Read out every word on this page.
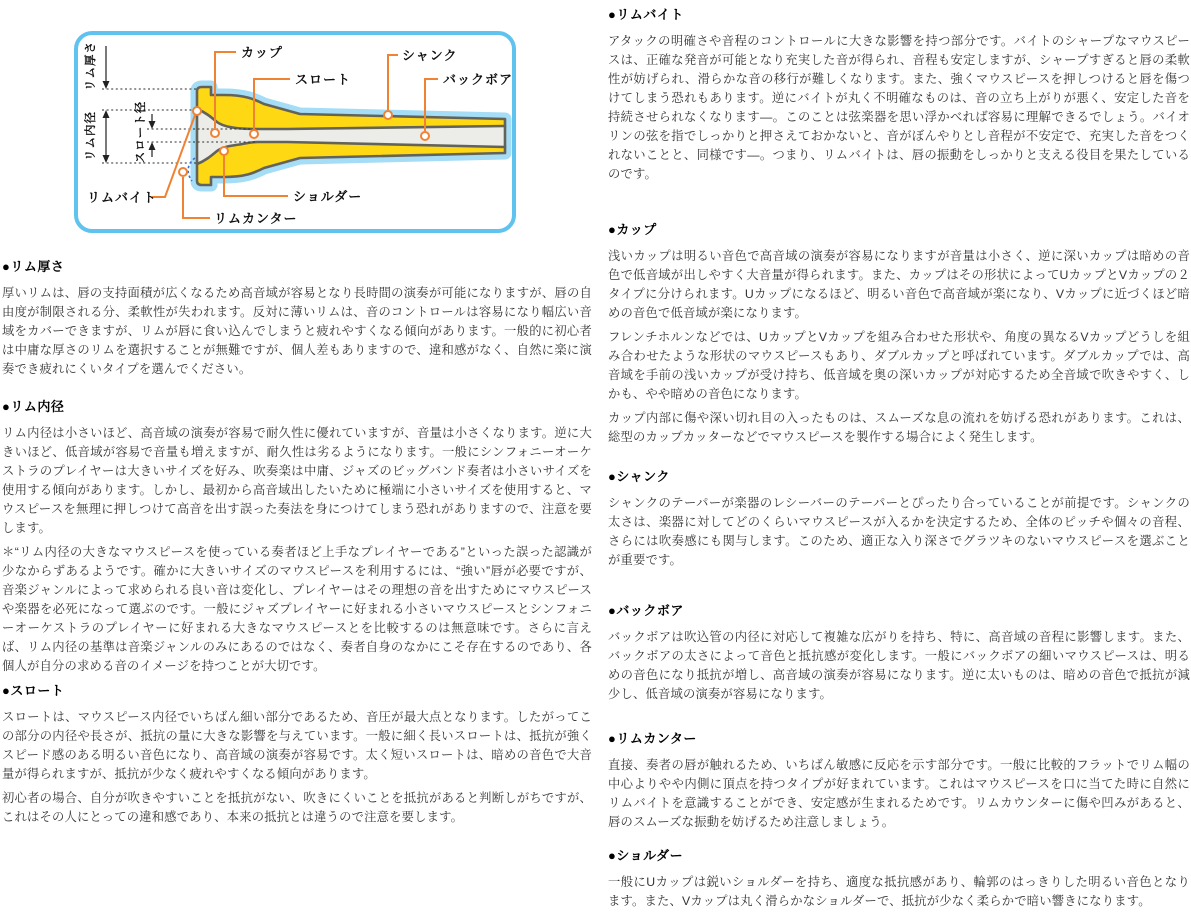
リム厚さ
リム内径	スロート径
カップ
スロート
シャンク
バックボア
リムバイト
リムカンター
ショルダー
●リム厚さ

厚いリムは、唇の支持面積が広くなるため高音域が容易となり長時間の演奏が可能になりますが、唇の自由度が制限される分、柔軟性が失われます。反対に薄いリムは、音のコントロールは容易になり幅広い音域をカバーできますが、リムが唇に食い込んでしまうと疲れやすくなる傾向があります。一般的に初心者は中庸な厚さのリムを選択することが無難ですが、個人差もありますので、違和感がなく、自然に楽に演奏でき疲れにくいタイプを選んでください。

●リム内径

リム内径は小さいほど、高音域の演奏が容易で耐久性に優れていますが、音量は小さくなります。逆に大きいほど、低音域が容易で音量も増えますが、耐久性は劣るようになります。一般にシンフォニーオーケストラのプレイヤーは大きいサイズを好み、吹奏楽は中庸、ジャズのビッグバンド奏者は小さいサイズを使用する傾向があります。しかし、最初から高音域出したいために極端に小さいサイズを使用すると、マウスピースを無理に押しつけて高音を出す誤った奏法を身につけてしまう恐れがありますので、注意を要します。

＊“リム内径の大きなマウスピースを使っている奏者ほど上手なプレイヤーである”といった誤った認識が少なからずあるようです。確かに大きいサイズのマウスピースを利用するには、“強い”唇が必要ですが、音楽ジャンルによって求められる良い音は変化し、プレイヤーはその理想の音を出すためにマウスピースや楽器を必死になって選ぶのです。一般にジャズプレイヤーに好まれる小さいマウスピースとシンフォニーオーケストラのプレイヤーに好まれる大きなマウスピースとを比較するのは無意味です。さらに言えば、リム内径の基準は音楽ジャンルのみにあるのではなく、奏者自身のなかにこそ存在するのであり、各個人が自分の求める音のイメージを持つことが大切です。

●スロート

スロートは、マウスピース内径でいちばん細い部分であるため、音圧が最大点となります。したがってこの部分の内径や長さが、抵抗の量に大きな影響を与えています。一般に細く長いスロートは、抵抗が強くスピード感のある明るい音色になり、高音域の演奏が容易です。太く短いスロートは、暗めの音色で大音量が得られますが、抵抗が少なく疲れやすくなる傾向があります。

初心者の場合、自分が吹きやすいことを抵抗がない、吹きにくいことを抵抗があると判断しがちですが、これはその人にとっての違和感であり、本来の抵抗とは違うので注意を要します。

●リムバイト

アタックの明確さや音程のコントロールに大きな影響を持つ部分です。バイトのシャープなマウスピースは、正確な発音が可能となり充実した音が得られ、音程も安定しますが、シャープすぎると唇の柔軟性が妨げられ、滑らかな音の移行が難しくなります。また、強くマウスピースを押しつけると唇を傷つけてしまう恐れもあります。逆にバイトが丸く不明確なものは、音の立ち上がりが悪く、安定した音を持続させられなくなります―。このことは弦楽器を思い浮かべれば容易に理解できるでしょう。バイオリンの弦を指でしっかりと押さえておかないと、音がぼんやりとし音程が不安定で、充実した音をつくれないことと、同様です―。つまり、リムバイトは、唇の振動をしっかりと支える役目を果たしているのです。

●カップ

浅いカップは明るい音色で高音域の演奏が容易になりますが音量は小さく、逆に深いカップは暗めの音色で低音域が出しやすく大音量が得られます。また、カップはその形状によってUカップとVカップの２タイプに分けられます。Uカップになるほど、明るい音色で高音域が楽になり、Vカップに近づくほど暗めの音色で低音域が楽になります。

フレンチホルンなどでは、UカップとVカップを組み合わせた形状や、角度の異なるVカップどうしを組み合わせたような形状のマウスピースもあり、ダブルカップと呼ばれています。ダブルカップでは、高音域を手前の浅いカップが受け持ち、低音域を奥の深いカップが対応するため全音域で吹きやすく、しかも、やや暗めの音色になります。

カップ内部に傷や深い切れ目の入ったものは、スムーズな息の流れを妨げる恐れがあります。これは、総型のカップカッターなどでマウスピースを製作する場合によく発生します。

●シャンク

シャンクのテーパーが楽器のレシーバーのテーパーとぴったり合っていることが前提です。シャンクの太さは、楽器に対してどのくらいマウスピースが入るかを決定するため、全体のピッチや個々の音程、さらには吹奏感にも関与します。このため、適正な入り深さでグラツキのないマウスピースを選ぶことが重要です。

●バックボア

バックボアは吹込管の内径に対応して複雑な広がりを持ち、特に、高音域の音程に影響します。また、バックボアの太さによって音色と抵抗感が変化します。一般にバックボアの細いマウスピースは、明るめの音色になり抵抗が増し、高音域の演奏が容易になります。逆に太いものは、暗めの音色で抵抗が減少し、低音域の演奏が容易になります。

●リムカンター

直接、奏者の唇が触れるため、いちばん敏感に反応を示す部分です。一般に比較的フラットでリム幅の中心よりやや内側に頂点を持つタイプが好まれています。これはマウスピースを口に当てた時に自然にリムバイトを意識することができ、安定感が生まれるためです。リムカウンターに傷や凹みがあると、唇のスムーズな振動を妨げるため注意しましょう。

●ショルダー

一般にUカップは鋭いショルダーを持ち、適度な抵抗感があり、輪郭のはっきりした明るい音色となります。また、Vカップは丸く滑らかなショルダーで、抵抗が少なく柔らかで暗い響きになります。
